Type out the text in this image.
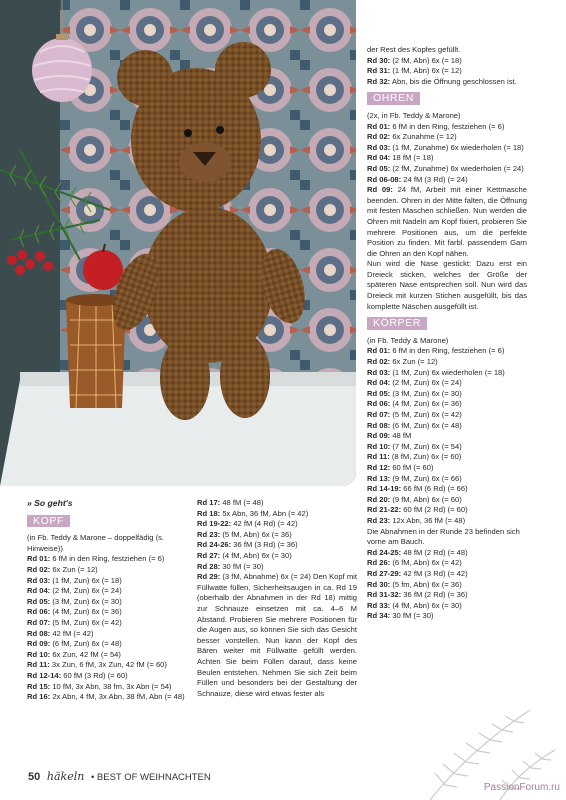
der Rest des Kopfes gefüllt.

Rd 30: (2 fM, Abn) 6x (= 18)

Rd 31: (1 fM, Abn) 6x (= 12)

Rd 32: Abn, bis die Öffnung geschlossen ist.

OHREN

(2x, in Fb. Teddy & Marone)

Rd 01: 6 fM in den Ring, festziehen (= 6)

Rd 02: 6x Zunahme (= 12)

Rd 03: (1 fM, Zunahme) 6x wiederholen (= 18)

Rd 04: 18 fM (= 18)

Rd 05: (2 fM, Zunahme) 6x wiederholen (= 24)

Rd 06-08: 24 fM (3 Rd) (= 24)

Rd 09: 24 fM, Arbeit mit einer Kettmasche beenden. Ohren in der Mitte falten, die Öffnung mit festen Maschen schließen. Nun werden die Ohren mit Nadeln am Kopf fixiert, probieren Sie mehrere Positionen aus, um die perfekte Position zu finden. Mit farbl. passendem Garn die Ohren an den Kopf nähen.

Nun wird die Nase gestickt: Dazu erst ein Dreieck sticken, welches der Größe der späteren Nase entsprechen soll. Nun wird das Dreieck mit kurzen Stichen ausgefüllt, bis das komplette Näschen ausgefüllt ist.

KÖRPER

(in Fb. Teddy & Marone)

Rd 01: 6 fM in den Ring, festziehen (= 6)

Rd 02: 6x Zun (= 12)

Rd 03: (1 fM, Zun) 6x wiederholen (= 18)

Rd 04: (2 fM, Zun) 6x (= 24)

Rd 05: (3 fM, Zun) 6x (= 30)

Rd 06: (4 fM, Zun) 6x (= 36)

Rd 07: (5 fM, Zun) 6x (= 42)

Rd 08: (6 fM, Zun) 6x (= 48)

Rd 09: 48 fM

Rd 10: (7 fM, Zun) 6x (= 54)

Rd 11: (8 fM, Zun) 6x (= 60)

Rd 12: 60 fM (= 60)

Rd 13: (9 fM, Zun) 6x (= 66)

Rd 14-19: 66 fM (6 Rd) (= 66)

Rd 20: (9 fM, Abn) 6x (= 60)

Rd 21-22: 60 fM (2 Rd) (= 60)

Rd 23: 12x Abn, 36 fM (= 48)

Die Abnahmen in der Runde 23 befinden sich vorne am Bauch.

Rd 24-25: 48 fM (2 Rd) (= 48)

Rd 26: (6 fM, Abn) 6x (= 42)

Rd 27-29: 42 fM (3 Rd) (= 42)

Rd 30: (5 fm, Abn) 6x (= 36)

Rd 31-32: 36 fM (2 Rd) (= 36)

Rd 33: (4 fM, Abn) 6x (= 30)

Rd 34: 30 fM (= 30)

» So geht's
KOPF

(in Fb. Teddy & Marone – doppelfädig (s. Hinweise))

Rd 01: 6 fM in den Ring, festziehen (= 6)

Rd 02: 6x Zun (= 12)

Rd 03: (1 fM, Zun) 6x (= 18)

Rd 04: (2 fM, Zun) 6x (= 24)

Rd 05: (3 fM, Zun) 6x (= 30)

Rd 06: (4 fM, Zun) 6x (= 36)

Rd 07: (5 fM, Zun) 6x (= 42)

Rd 08: 42 fM (= 42)

Rd 09: (6 fM, Zun) 6x (= 48)

Rd 10: 6x Zun, 42 fM (= 54)

Rd 11: 3x Zun, 6 fM, 3x Zun, 42 fM (= 60)

Rd 12-14: 60 fM (3 Rd) (= 60)

Rd 15: 10 fM, 3x Abn, 38 fm, 3x Abn (= 54)

Rd 16: 2x Abn, 4 fM, 3x Abn, 38 fM, Abn (= 48)

Rd 17: 48 fM (= 48)

Rd 18: 5x Abn, 36 fM, Abn (= 42)

Rd 19-22: 42 fM (4 Rd) (= 42)

Rd 23: (5 fM, Abn) 6x (= 36)

Rd 24-26: 36 fM (3 Rd) (= 36)

Rd 27: (4 fM, Abn) 6x (= 30)

Rd 28: 30 fM (= 30)

Rd 29: (3 fM, Abnahme) 6x (= 24) Den Kopf mit Füllwatte füllen, Sicherheitsaugen in ca. Rd 19 (oberhalb der Abnahmen in der Rd 18) mittig zur Schnauze einsetzen mit ca. 4–6 M Abstand. Probieren Sie mehrere Positionen für die Augen aus, so können Sie sich das Gesicht besser vorstellen. Nun kann der Kopf des Bären weiter mit Füllwatte gefüllt werden. Achten Sie beim Füllen darauf, dass keine Beulen entstehen. Nehmen Sie sich Zeit beim Füllen und besonders bei der Gestaltung der Schnauze, diese wird etwas fester als

50 häkeln • BEST OF WEIHNACHTEN
PassionForum.ru
